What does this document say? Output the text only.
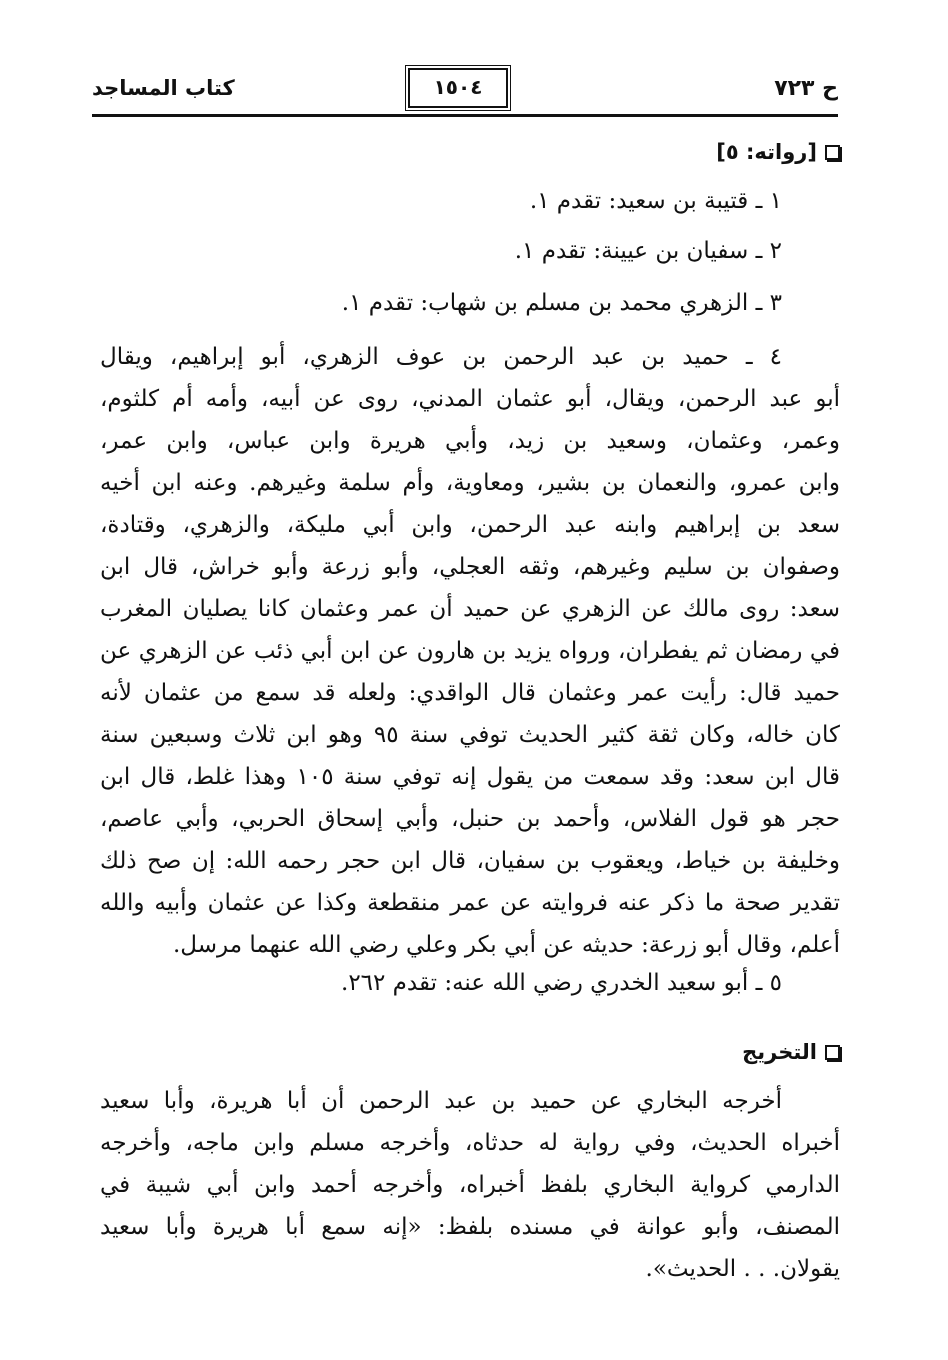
ح ٧٢٣
١٥٠٤
كتاب المساجد
[رواته: ٥]
١ ـ قتيبة بن سعيد: تقدم ١.
٢ ـ سفيان بن عيينة: تقدم ١.
٣ ـ الزهري محمد بن مسلم بن شهاب: تقدم ١.
٤ ـ حميد بن عبد الرحمن بن عوف الزهري، أبو إبراهيم، ويقال
أبو عبد الرحمن، ويقال، أبو عثمان المدني، روى عن أبيه، وأمه أم كلثوم،
وعمر، وعثمان، وسعيد بن زيد، وأبي هريرة وابن عباس، وابن عمر،
وابن عمرو، والنعمان بن بشير، ومعاوية، وأم سلمة وغيرهم. وعنه ابن أخيه
سعد بن إبراهيم وابنه عبد الرحمن، وابن أبي مليكة، والزهري، وقتادة،
وصفوان بن سليم وغيرهم، وثقه العجلي، وأبو زرعة وأبو خراش، قال ابن
سعد: روى مالك عن الزهري عن حميد أن عمر وعثمان كانا يصليان المغرب
في رمضان ثم يفطران، ورواه يزيد بن هارون عن ابن أبي ذئب عن الزهري عن
حميد قال: رأيت عمر وعثمان قال الواقدي: ولعله قد سمع من عثمان لأنه
كان خاله، وكان ثقة كثير الحديث توفي سنة ٩٥ وهو ابن ثلاث وسبعين سنة
قال ابن سعد: وقد سمعت من يقول إنه توفي سنة ١٠٥ وهذا غلط، قال ابن
حجر هو قول الفلاس، وأحمد بن حنبل، وأبي إسحاق الحربي، وأبي عاصم،
وخليفة بن خياط، ويعقوب بن سفيان، قال ابن حجر رحمه الله: إن صح ذلك
تقدير صحة ما ذكر عنه فروايته عن عمر منقطعة وكذا عن عثمان وأبيه والله
أعلم، وقال أبو زرعة: حديثه عن أبي بكر وعلي رضي الله عنهما مرسل.
٥ ـ أبو سعيد الخدري رضي الله عنه: تقدم ٢٦٢.
التخريج
أخرجه البخاري عن حميد بن عبد الرحمن أن أبا هريرة، وأبا سعيد
أخبراه الحديث، وفي رواية له حدثاه، وأخرجه مسلم وابن ماجه، وأخرجه
الدارمي كرواية البخاري بلفظ أخبراه، وأخرجه أحمد وابن أبي شيبة في
المصنف، وأبو عوانة في مسنده بلفظ: «إنه سمع أبا هريرة وأبا سعيد
يقولان. . . الحديث».
